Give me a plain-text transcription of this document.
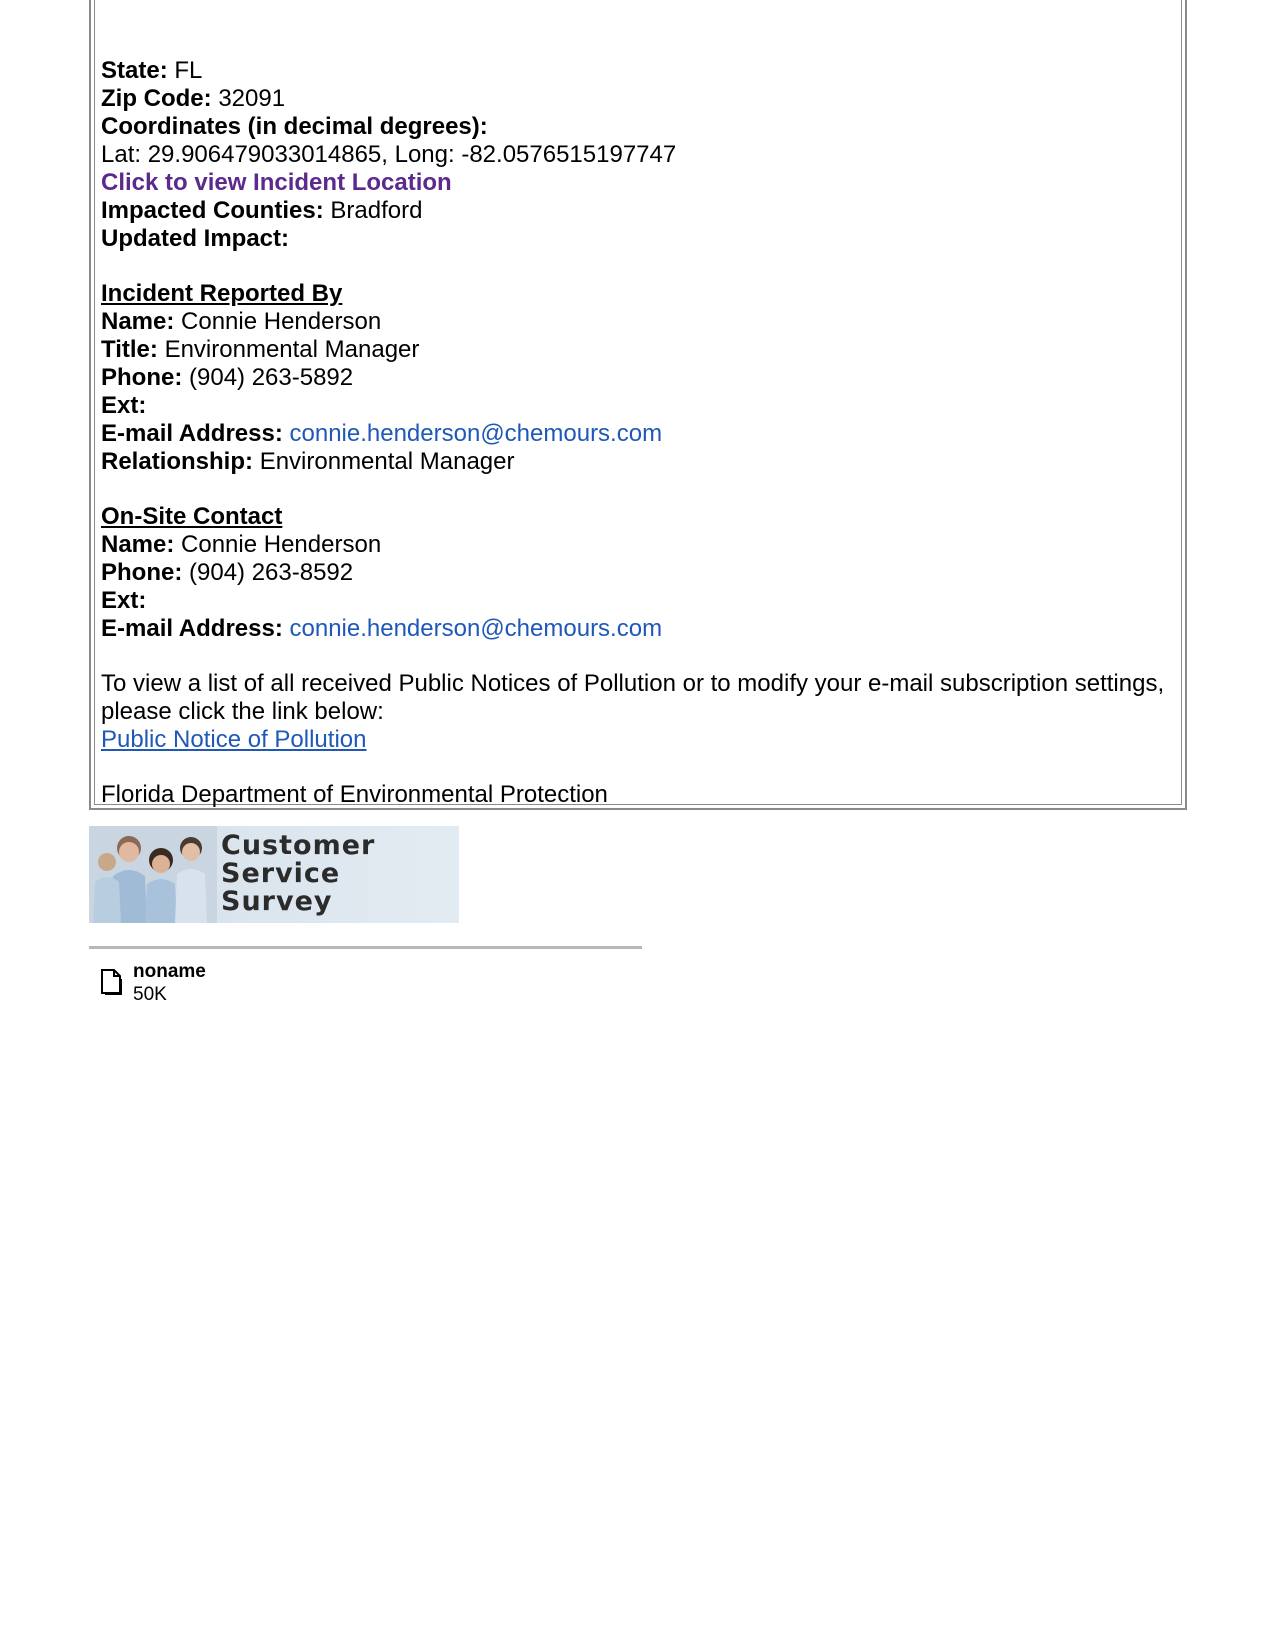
State: FL
Zip Code: 32091
Coordinates (in decimal degrees):
Lat: 29.906479033014865, Long: -82.0576515197747
Click to view Incident Location
Impacted Counties: Bradford
Updated Impact:
Incident Reported By
Name: Connie Henderson
Title: Environmental Manager
Phone: (904) 263-5892
Ext:
E-mail Address: connie.henderson@chemours.com
Relationship: Environmental Manager
On-Site Contact
Name: Connie Henderson
Phone: (904) 263-8592
Ext:
E-mail Address: connie.henderson@chemours.com
To view a list of all received Public Notices of Pollution or to modify your e-mail subscription settings, please click the link below:
Public Notice of Pollution
Florida Department of Environmental Protection
Customer
Service
Survey
noname
50K
